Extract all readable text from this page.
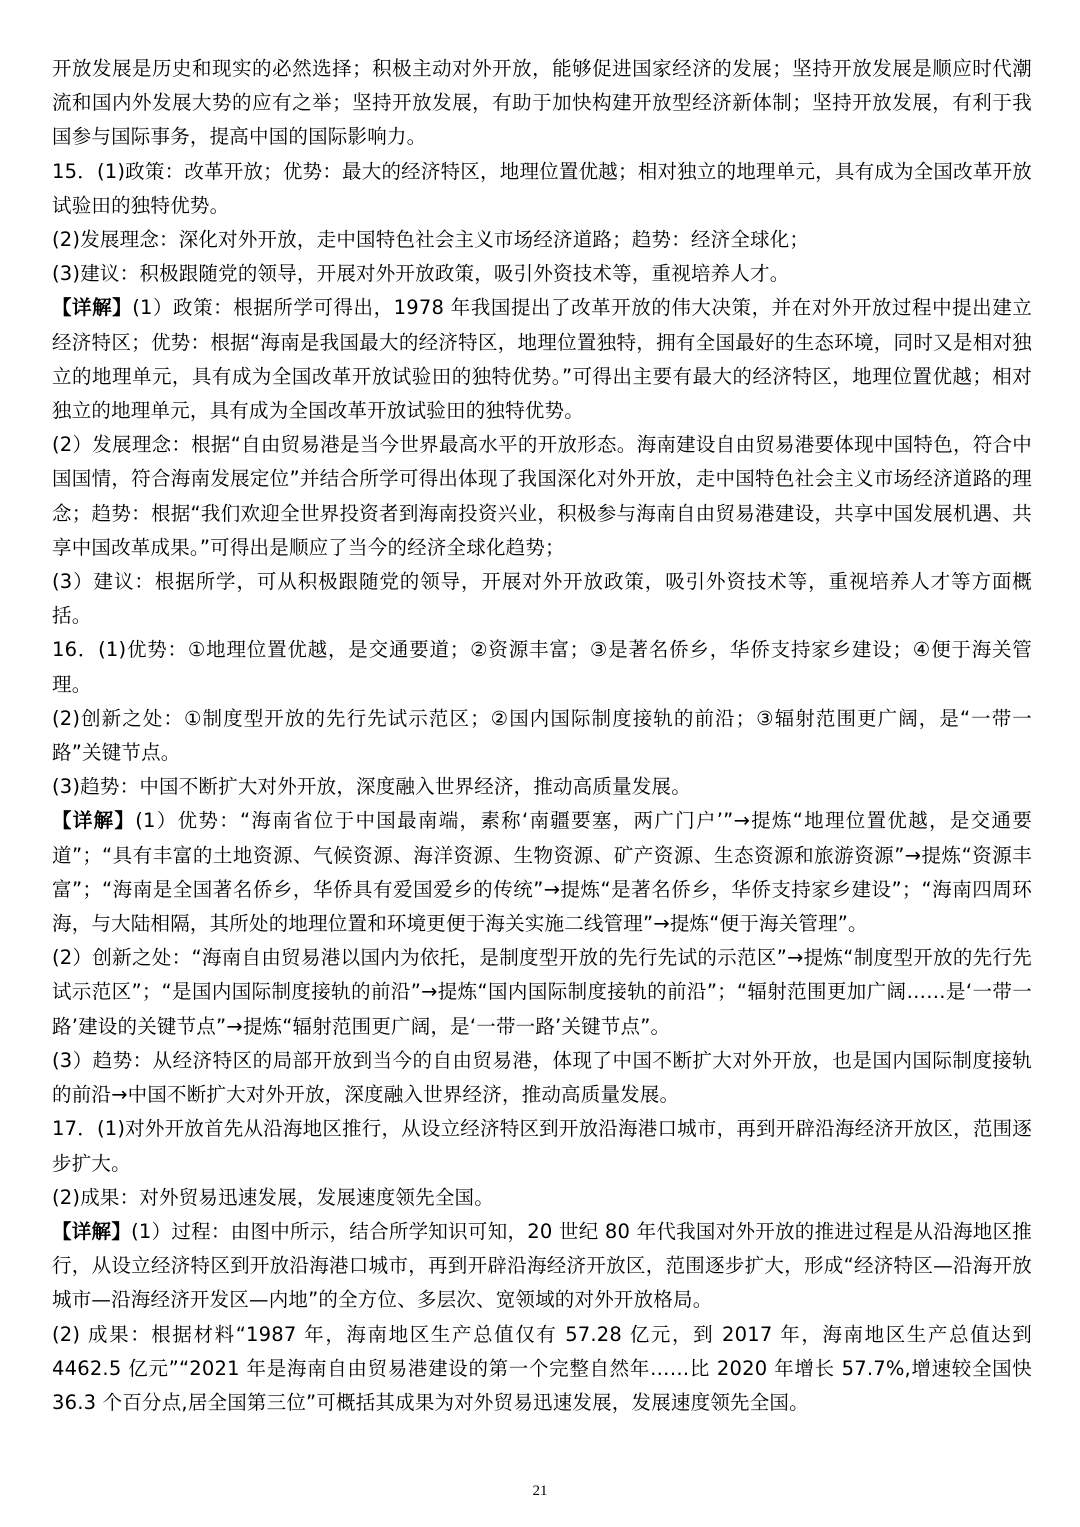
开放发展是历史和现实的必然选择；积极主动对外开放，能够促进国家经济的发展；坚持开放发展是顺应时代潮流和国内外发展大势的应有之举；坚持开放发展，有助于加快构建开放型经济新体制；坚持开放发展，有利于我国参与国际事务，提高中国的国际影响力。

15．(1)政策：改革开放；优势：最大的经济特区，地理位置优越；相对独立的地理单元，具有成为全国改革开放试验田的独特优势。

(2)发展理念：深化对外开放，走中国特色社会主义市场经济道路；趋势：经济全球化；

(3)建议：积极跟随党的领导，开展对外开放政策，吸引外资技术等，重视培养人才。

【详解】(1）政策：根据所学可得出，1978 年我国提出了改革开放的伟大决策，并在对外开放过程中提出建立经济特区；优势：根据“海南是我国最大的经济特区，地理位置独特，拥有全国最好的生态环境，同时又是相对独立的地理单元，具有成为全国改革开放试验田的独特优势。”可得出主要有最大的经济特区，地理位置优越；相对独立的地理单元，具有成为全国改革开放试验田的独特优势。

(2）发展理念：根据“自由贸易港是当今世界最高水平的开放形态。海南建设自由贸易港要体现中国特色，符合中国国情，符合海南发展定位”并结合所学可得出体现了我国深化对外开放，走中国特色社会主义市场经济道路的理念；趋势：根据“我们欢迎全世界投资者到海南投资兴业，积极参与海南自由贸易港建设，共享中国发展机遇、共享中国改革成果。”可得出是顺应了当今的经济全球化趋势；

(3）建议：根据所学，可从积极跟随党的领导，开展对外开放政策，吸引外资技术等，重视培养人才等方面概括。

16．(1)优势：①地理位置优越，是交通要道；②资源丰富；③是著名侨乡，华侨支持家乡建设；④便于海关管理。

(2)创新之处：①制度型开放的先行先试示范区；②国内国际制度接轨的前沿；③辐射范围更广阔，是“一带一路”关键节点。

(3)趋势：中国不断扩大对外开放，深度融入世界经济，推动高质量发展。

【详解】(1）优势：“海南省位于中国最南端，素称‘南疆要塞，两广门户’”→提炼“地理位置优越，是交通要道”；“具有丰富的土地资源、气候资源、海洋资源、生物资源、矿产资源、生态资源和旅游资源”→提炼“资源丰富”；“海南是全国著名侨乡，华侨具有爱国爱乡的传统”→提炼“是著名侨乡，华侨支持家乡建设”；“海南四周环海，与大陆相隔，其所处的地理位置和环境更便于海关实施二线管理”→提炼“便于海关管理”。

(2）创新之处：“海南自由贸易港以国内为依托，是制度型开放的先行先试的示范区”→提炼“制度型开放的先行先试示范区”；“是国内国际制度接轨的前沿”→提炼“国内国际制度接轨的前沿”；“辐射范围更加广阔……是‘一带一路’建设的关键节点”→提炼“辐射范围更广阔，是‘一带一路’关键节点”。

(3）趋势：从经济特区的局部开放到当今的自由贸易港，体现了中国不断扩大对外开放，也是国内国际制度接轨的前沿→中国不断扩大对外开放，深度融入世界经济，推动高质量发展。

17．(1)对外开放首先从沿海地区推行，从设立经济特区到开放沿海港口城市，再到开辟沿海经济开放区，范围逐步扩大。

(2)成果：对外贸易迅速发展，发展速度领先全国。

【详解】(1）过程：由图中所示，结合所学知识可知，20 世纪 80 年代我国对外开放的推进过程是从沿海地区推行，从设立经济特区到开放沿海港口城市，再到开辟沿海经济开放区，范围逐步扩大，形成“经济特区—沿海开放城市—沿海经济开发区—内地”的全方位、多层次、宽领域的对外开放格局。

(2) 成果：根据材料“1987 年，海南地区生产总值仅有 57.28 亿元，到 2017 年，海南地区生产总值达到 4462.5 亿元”“2021 年是海南自由贸易港建设的第一个完整自然年……比 2020 年增长 57.7%,增速较全国快 36.3 个百分点,居全国第三位”可概括其成果为对外贸易迅速发展，发展速度领先全国。

21
